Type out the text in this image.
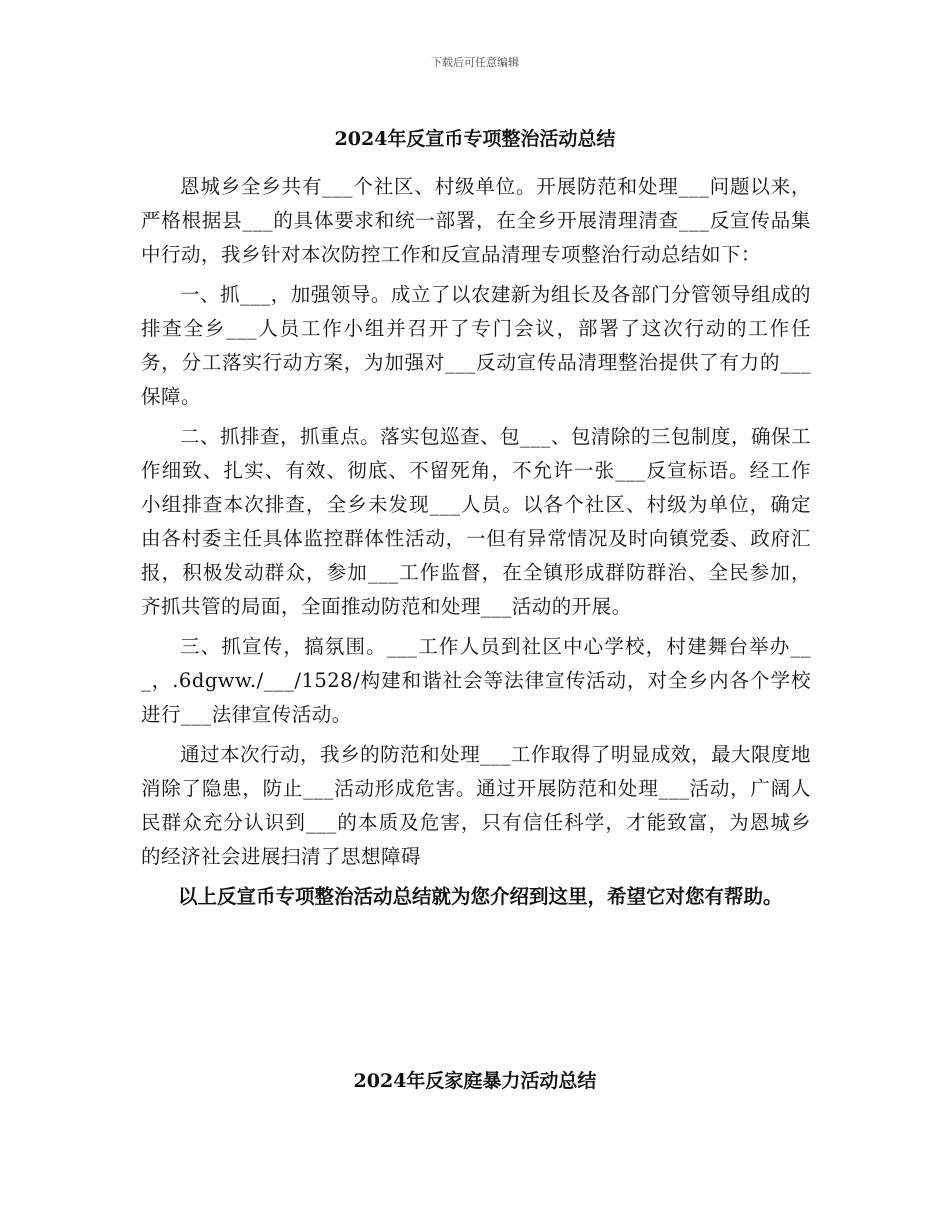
下载后可任意编辑
2024年反宣币专项整治活动总结

恩城乡全乡共有___个社区、村级单位。开展防范和处理___问题以来，严格根据县___的具体要求和统一部署，在全乡开展清理清查___反宣传品集中行动，我乡针对本次防控工作和反宣品清理专项整治行动总结如下：

一、抓___，加强领导。成立了以农建新为组长及各部门分管领导组成的排查全乡___人员工作小组并召开了专门会议，部署了这次行动的工作任务，分工落实行动方案，为加强对___反动宣传品清理整治提供了有力的___保障。

二、抓排查，抓重点。落实包巡查、包___、包清除的三包制度，确保工作细致、扎实、有效、彻底、不留死角，不允许一张___反宣标语。经工作小组排查本次排查，全乡未发现___人员。以各个社区、村级为单位，确定由各村委主任具体监控群体性活动，一但有异常情况及时向镇党委、政府汇报，积极发动群众，参加___工作监督，在全镇形成群防群治、全民参加，齐抓共管的局面，全面推动防范和处理___活动的开展。

三、抓宣传，搞氛围。___工作人员到社区中心学校，村建舞台举办___，.6dgww./___/1528/构建和谐社会等法律宣传活动，对全乡内各个学校进行___法律宣传活动。

通过本次行动，我乡的防范和处理___工作取得了明显成效，最大限度地消除了隐患，防止___活动形成危害。通过开展防范和处理___活动，广阔人民群众充分认识到___的本质及危害，只有信任科学，才能致富，为恩城乡的经济社会进展扫清了思想障碍

以上反宣币专项整治活动总结就为您介绍到这里，希望它对您有帮助。

2024年反家庭暴力活动总结
